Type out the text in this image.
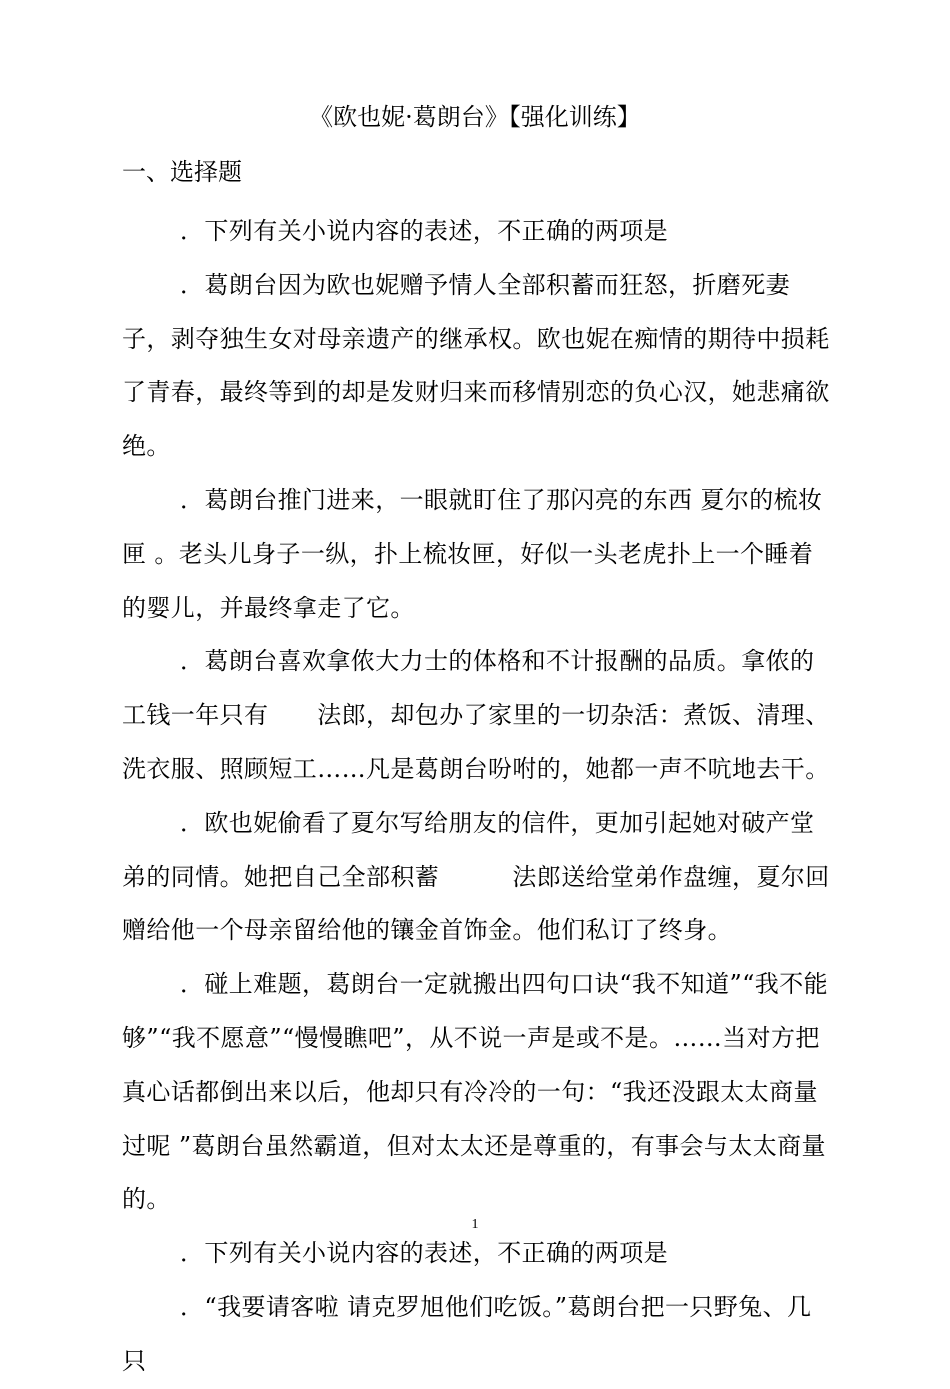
《欧也妮·葛朗台》【强化训练】
一、选择题

．下列有关小说内容的表述，不正确的两项是

．葛朗台因为欧也妮赠予情人全部积蓄而狂怒，折磨死妻子，剥夺独生女对母亲遗产的继承权。欧也妮在痴情的期待中损耗了青春，最终等到的却是发财归来而移情别恋的负心汉，她悲痛欲绝。

．葛朗台推门进来，一眼就盯住了那闪亮的东西 夏尔的梳妆匣 。老头儿身子一纵，扑上梳妆匣，好似一头老虎扑上一个睡着的婴儿，并最终拿走了它。

．葛朗台喜欢拿侬大力士的体格和不计报酬的品质。拿侬的工钱一年只有　　法郎，却包办了家里的一切杂活：煮饭、清理、洗衣服、照顾短工……凡是葛朗台吩咐的，她都一声不吭地去干。

．欧也妮偷看了夏尔写给朋友的信件，更加引起她对破产堂弟的同情。她把自己全部积蓄　　　法郎送给堂弟作盘缠，夏尔回赠给他一个母亲留给他的镶金首饰金。他们私订了终身。

．碰上难题，葛朗台一定就搬出四句口诀“我不知道”“我不能够”“我不愿意”“慢慢瞧吧”，从不说一声是或不是。……当对方把真心话都倒出来以后，他却只有冷冷的一句：“我还没跟太太商量过呢 ”葛朗台虽然霸道，但对太太还是尊重的，有事会与太太商量的。

．下列有关小说内容的表述，不正确的两项是

．“我要请客啦 请克罗旭他们吃饭。”葛朗台把一只野兔、几只

1
